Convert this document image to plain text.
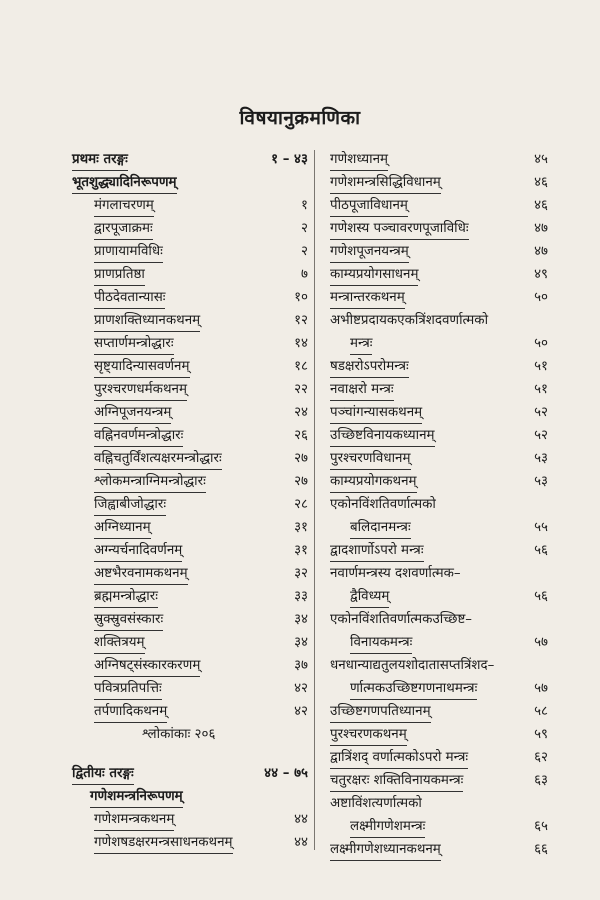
विषयानुक्रमणिका
प्रथमः तरङ्गः	१ – ४३
भूतशुद्ध्यादिनिरूपणम्
मंगलाचरणम्	१
द्वारपूजाक्रमः	२
प्राणायामविधिः	२
प्राणप्रतिष्ठा	७
पीठदेवतान्यासः	१०
प्राणशक्तिध्यानकथनम्	१२
सप्तार्णमन्त्रोद्धारः	१४
सृष्ट्यादिन्यासवर्णनम्	१८
पुरश्चरणधर्मकथनम्	२२
अग्निपूजनयन्त्रम्	२४
वह्निनवर्णमन्त्रोद्धारः	२६
वह्निचतुर्विंशत्यक्षरमन्त्रोद्धारः	२७
श्लोकमन्त्राग्निमन्त्रोद्धारः	२७
जिह्वाबीजोद्धारः	२८
अग्निध्यानम्	३१
अग्न्यर्चनादिवर्णनम्	३१
अष्टभैरवनामकथनम्	३२
ब्रह्ममन्त्रोद्धारः	३३
स्रुक्स्रुवसंस्कारः	३४
शक्तित्रयम्	३४
अग्निषट्संस्कारकरणम्	३७
पवित्रप्रतिपत्तिः	४२
तर्पणादिकथनम्	४२
श्लोकांकाः २०६
द्वितीयः तरङ्गः	४४ – ७५
गणेशमन्त्रनिरूपणम्
गणेशमन्त्रकथनम्	४४
गणेशषडक्षरमन्त्रसाधनकथनम्	४४
गणेशध्यानम्	४५
गणेशमन्त्रसिद्धिविधानम्	४६
पीठपूजाविधानम्	४६
गणेशस्य पञ्चावरणपूजाविधिः	४७
गणेशपूजनयन्त्रम्	४७
काम्यप्रयोगसाधनम्	४९
मन्त्रान्तरकथनम्	५०
अभीष्टप्रदायकएकत्रिंशदवर्णात्मको
मन्त्रः	५०
षडक्षरोऽपरोमन्त्रः	५१
नवाक्षरो मन्त्रः	५१
पञ्चांगन्यासकथनम्	५२
उच्छिष्टविनायकध्यानम्	५२
पुरश्चरणविधानम्	५३
काम्यप्रयोगकथनम्	५३
एकोनविंशतिवर्णात्मको
बलिदानमन्त्रः	५५
द्वादशार्णोऽपरो मन्त्रः	५६
नवार्णमन्त्रस्य दशवर्णात्मक–
द्वैविध्यम्	५६
एकोनविंशतिवर्णात्मकउच्छिष्ट–
विनायकमन्त्रः	५७
धनधान्याद्यतुलयशोदातासप्तत्रिंशद–
र्णात्मकउच्छिष्टगणनाथमन्त्रः	५७
उच्छिष्टगणपतिध्यानम्	५८
पुरश्चरणकथनम्	५९
द्वात्रिंशद् वर्णात्मकोऽपरो मन्त्रः	६२
चतुरक्षरः शक्तिविनायकमन्त्रः	६३
अष्टाविंशत्यर्णात्मको
लक्ष्मीगणेशमन्त्रः	६५
लक्ष्मीगणेशध्यानकथनम्	६६
